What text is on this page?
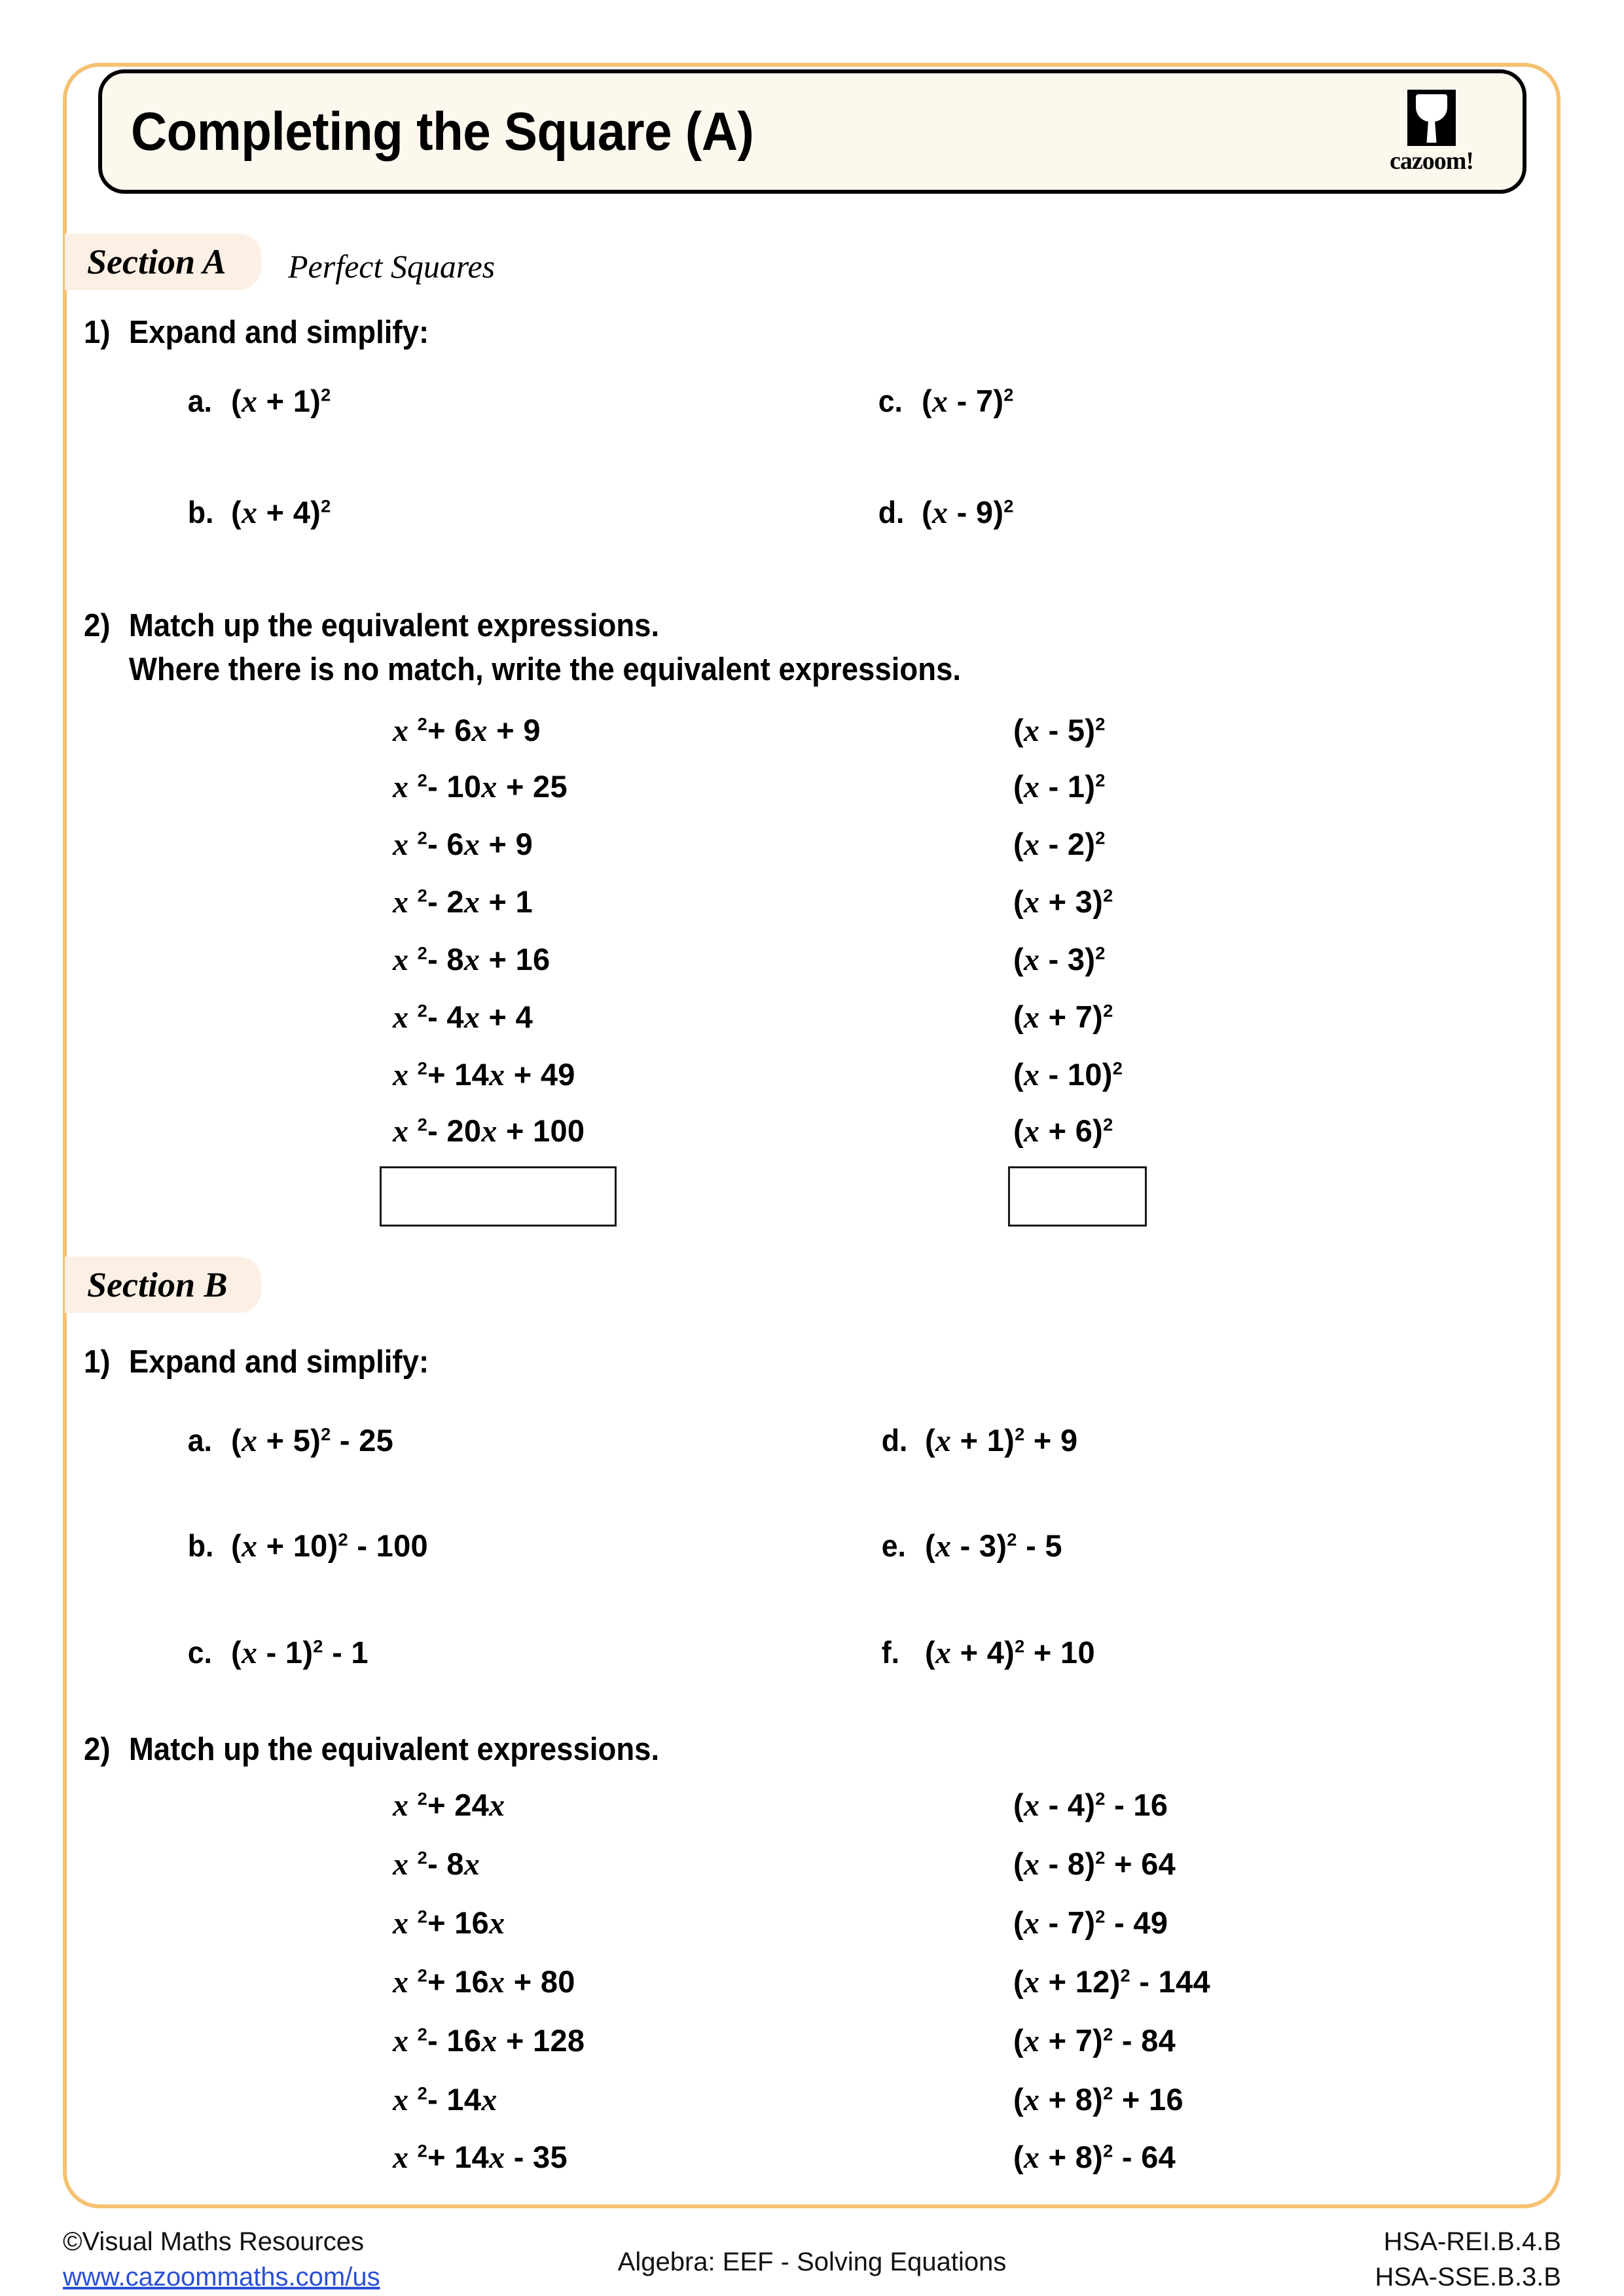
Completing the Square (A)	cazoom!
Section A Perfect Squares
1) Expand and simplify:
a. $(x + 1)^2$
b. $(x + 4)^2$
c. (x - 7)$^2$
d. (x - 9)$^2$
2) Match up the equivalent expressions.
Where there is no match, write the equivalent expressions.
x $^2$+ 6x + 9
x $^2$- 10x + 25
x $^2$- 6x + 9
x $^2$- 2x + 1
x $^2$- 8x + 16
x $^2$- 4x + 4
x $^2$+ 14x + 49
x $^2$- 20x + 100
(x - 5)$^2$
(x - 1)$^2$
(x - 2)$^2$
$(x + 3)^2$
(x - 3)$^2$
$(x + 7)^2$
(x - 10)$^2$
$(x + 6)^2$
Section B
1) Expand and simplify:
a. $(x + 5)^2 - 25$
b. $(x + 10)^2 - 100$
c. (x - 1)$^2$ - 1
d. $(x + 1)^2 + 9$
e. (x - 3)$^2$ - 5
f. $(x + 4)^2 + 10$
2) Match up the equivalent expressions.
x $^2$+ 24x
x $^2$- 8x
x $^2$+ 16x
x $^2$+ 16x + 80
x $^2$- 16x + 128
x $^2$- 14x
x $^2$+ 14x - 35
(x - 4)$^2$ - 16
(x - 8)$^2$ + 64
(x - 7)$^2$ - 49
$(x + 12)^2 - 144$
$(x + 7)^2 - 84$
$(x + 8)^2 + 16$
$(x + 8)^2 - 64$
©Visual Maths Resources
www.cazoommaths.com/us
Algebra: EEF - Solving Equations
HSA-REI.B.4.B
HSA-SSE.B.3.B
